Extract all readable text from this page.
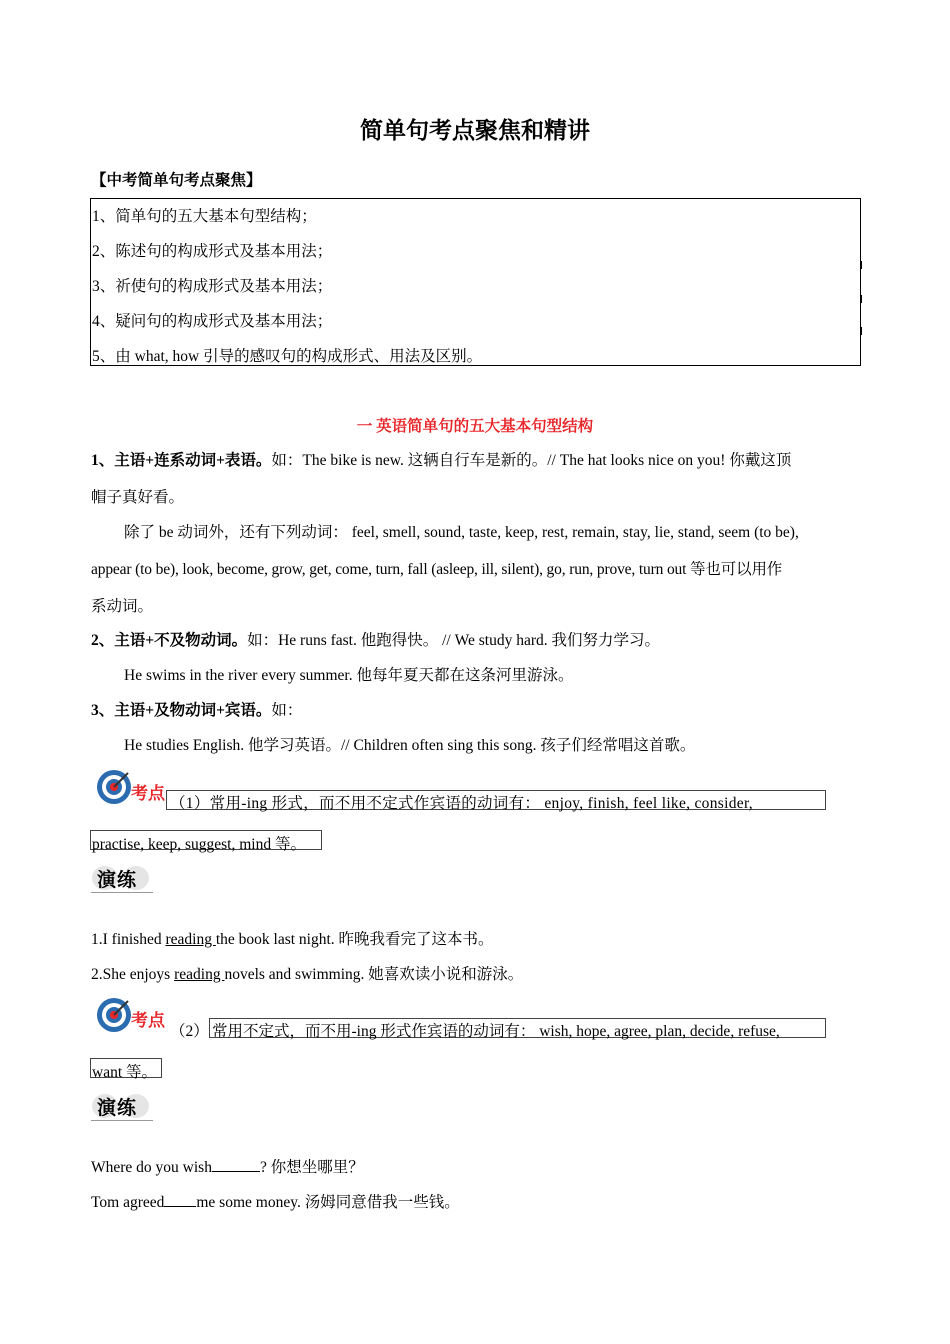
简单句考点聚焦和精讲
【中考简单句考点聚焦】
1、简单句的五大基本句型结构；
2、陈述句的构成形式及基本用法；
3、祈使句的构成形式及基本用法；
4、疑问句的构成形式及基本用法；
5、由 what, how 引导的感叹句的构成形式、用法及区别。
一 英语简单句的五大基本句型结构
1、主语+连系动词+表语。如：The bike is new. 这辆自行车是新的。// The hat looks nice on you! 你戴这顶
帽子真好看。
除了 be 动词外，还有下列动词： feel, smell, sound, taste, keep, rest, remain, stay, lie, stand, seem (to be),
appear (to be), look, become, grow, get, come, turn, fall (asleep, ill, silent), go, run, prove, turn out 等也可以用作
系动词。
2、主语+不及物动词。如：He runs fast. 他跑得快。 // We study hard. 我们努力学习。
He swims in the river every summer. 他每年夏天都在这条河里游泳。
3、主语+及物动词+宾语。如：
He studies English. 他学习英语。// Children often sing this song. 孩子们经常唱这首歌。
考点 （1）常用-ing 形式，而不用不定式作宾语的动词有： enjoy, finish, feel like, consider,
practise, keep, suggest, mind 等。
演练
1.I finished reading the book last night. 昨晚我看完了这本书。
2.She enjoys reading novels and swimming. 她喜欢读小说和游泳。
考点
（2） 常用不定式，而不用-ing 形式作宾语的动词有： wish, hope, agree, plan, decide, refuse,
want 等。
演练
Where do you wish	? 你想坐哪里？
Tom agreed me some money. 汤姆同意借我一些钱。
